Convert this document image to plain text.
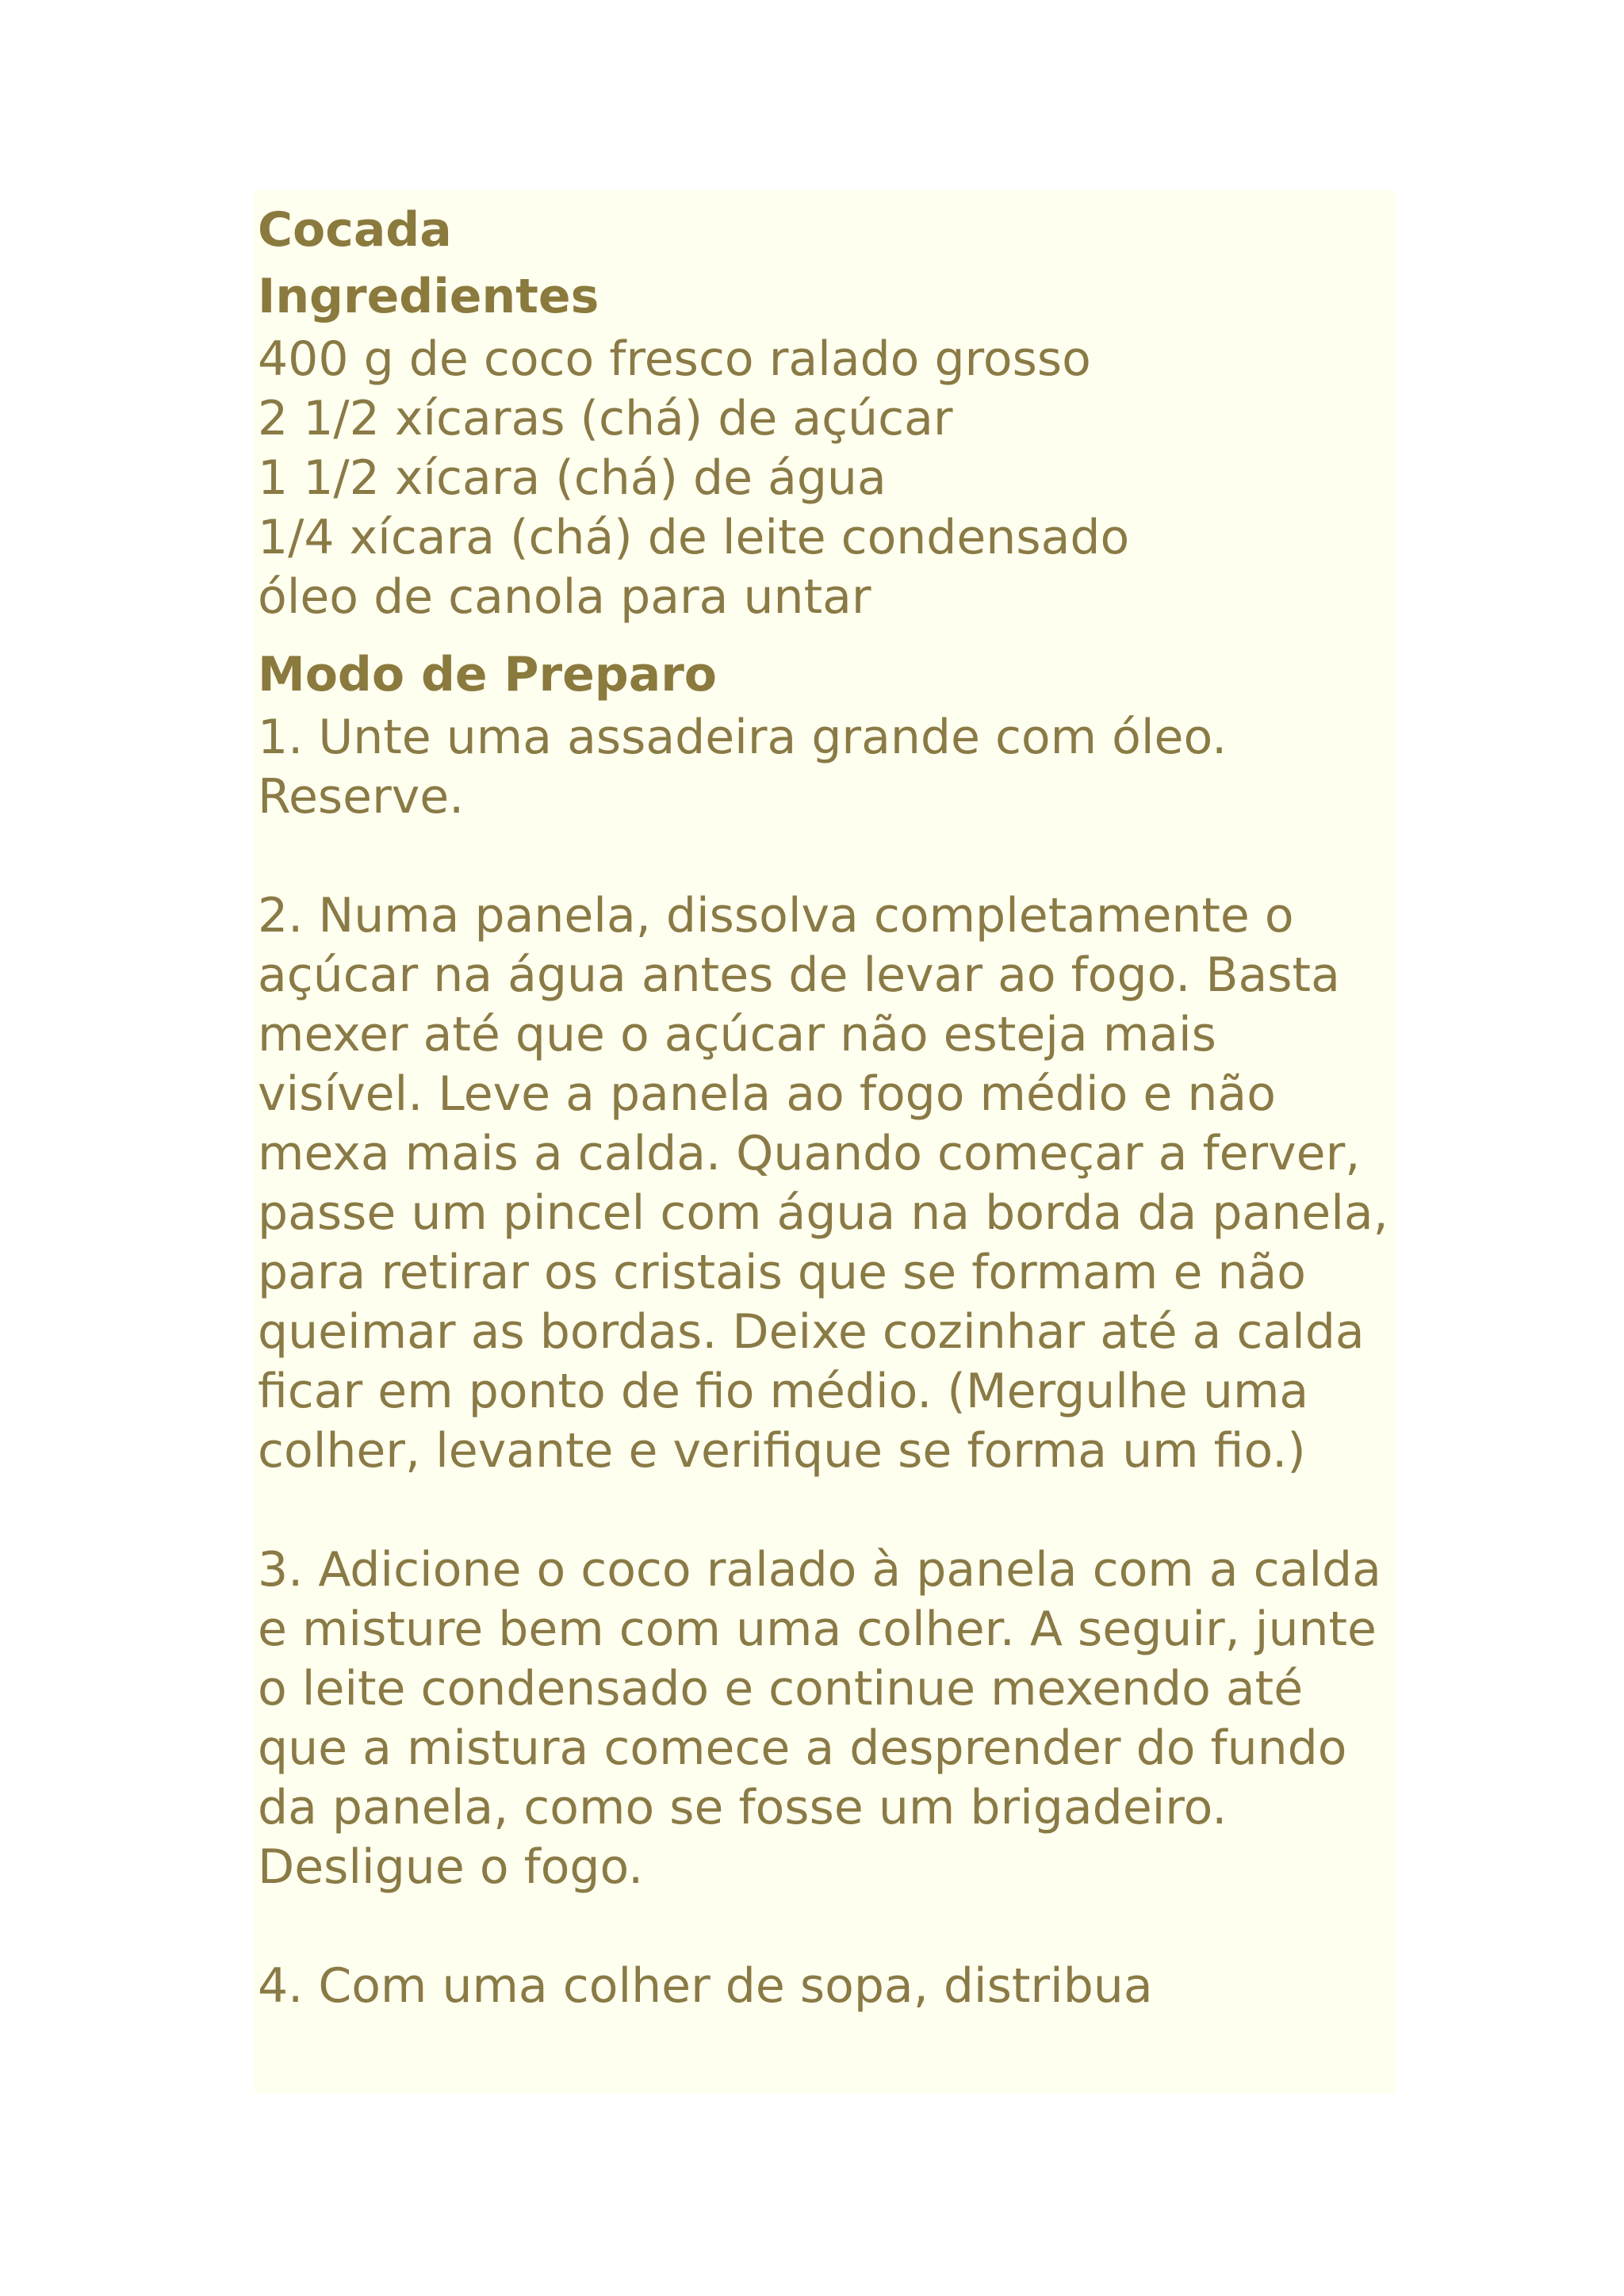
Cocada
Ingredientes
400 g de coco fresco ralado grosso
2 1/2 xícaras (chá) de açúcar
1 1/2 xícara (chá) de água
1/4 xícara (chá) de leite condensado
óleo de canola para untar
Modo de Preparo

1. Unte uma assadeira grande com óleo. Reserve.

2. Numa panela, dissolva completamente o açúcar na água antes de levar ao fogo. Basta mexer até que o açúcar não esteja mais visível. Leve a panela ao fogo médio e não mexa mais a calda. Quando começar a ferver, passe um pincel com água na borda da panela, para retirar os cristais que se formam e não queimar as bordas. Deixe cozinhar até a calda ficar em ponto de fio médio. (Mergulhe uma colher, levante e verifique se forma um fio.)

3. Adicione o coco ralado à panela com a calda e misture bem com uma colher. A seguir, junte o leite condensado e continue mexendo até que a mistura comece a desprender do fundo da panela, como se fosse um brigadeiro. Desligue o fogo.

4. Com uma colher de sopa, distribua
